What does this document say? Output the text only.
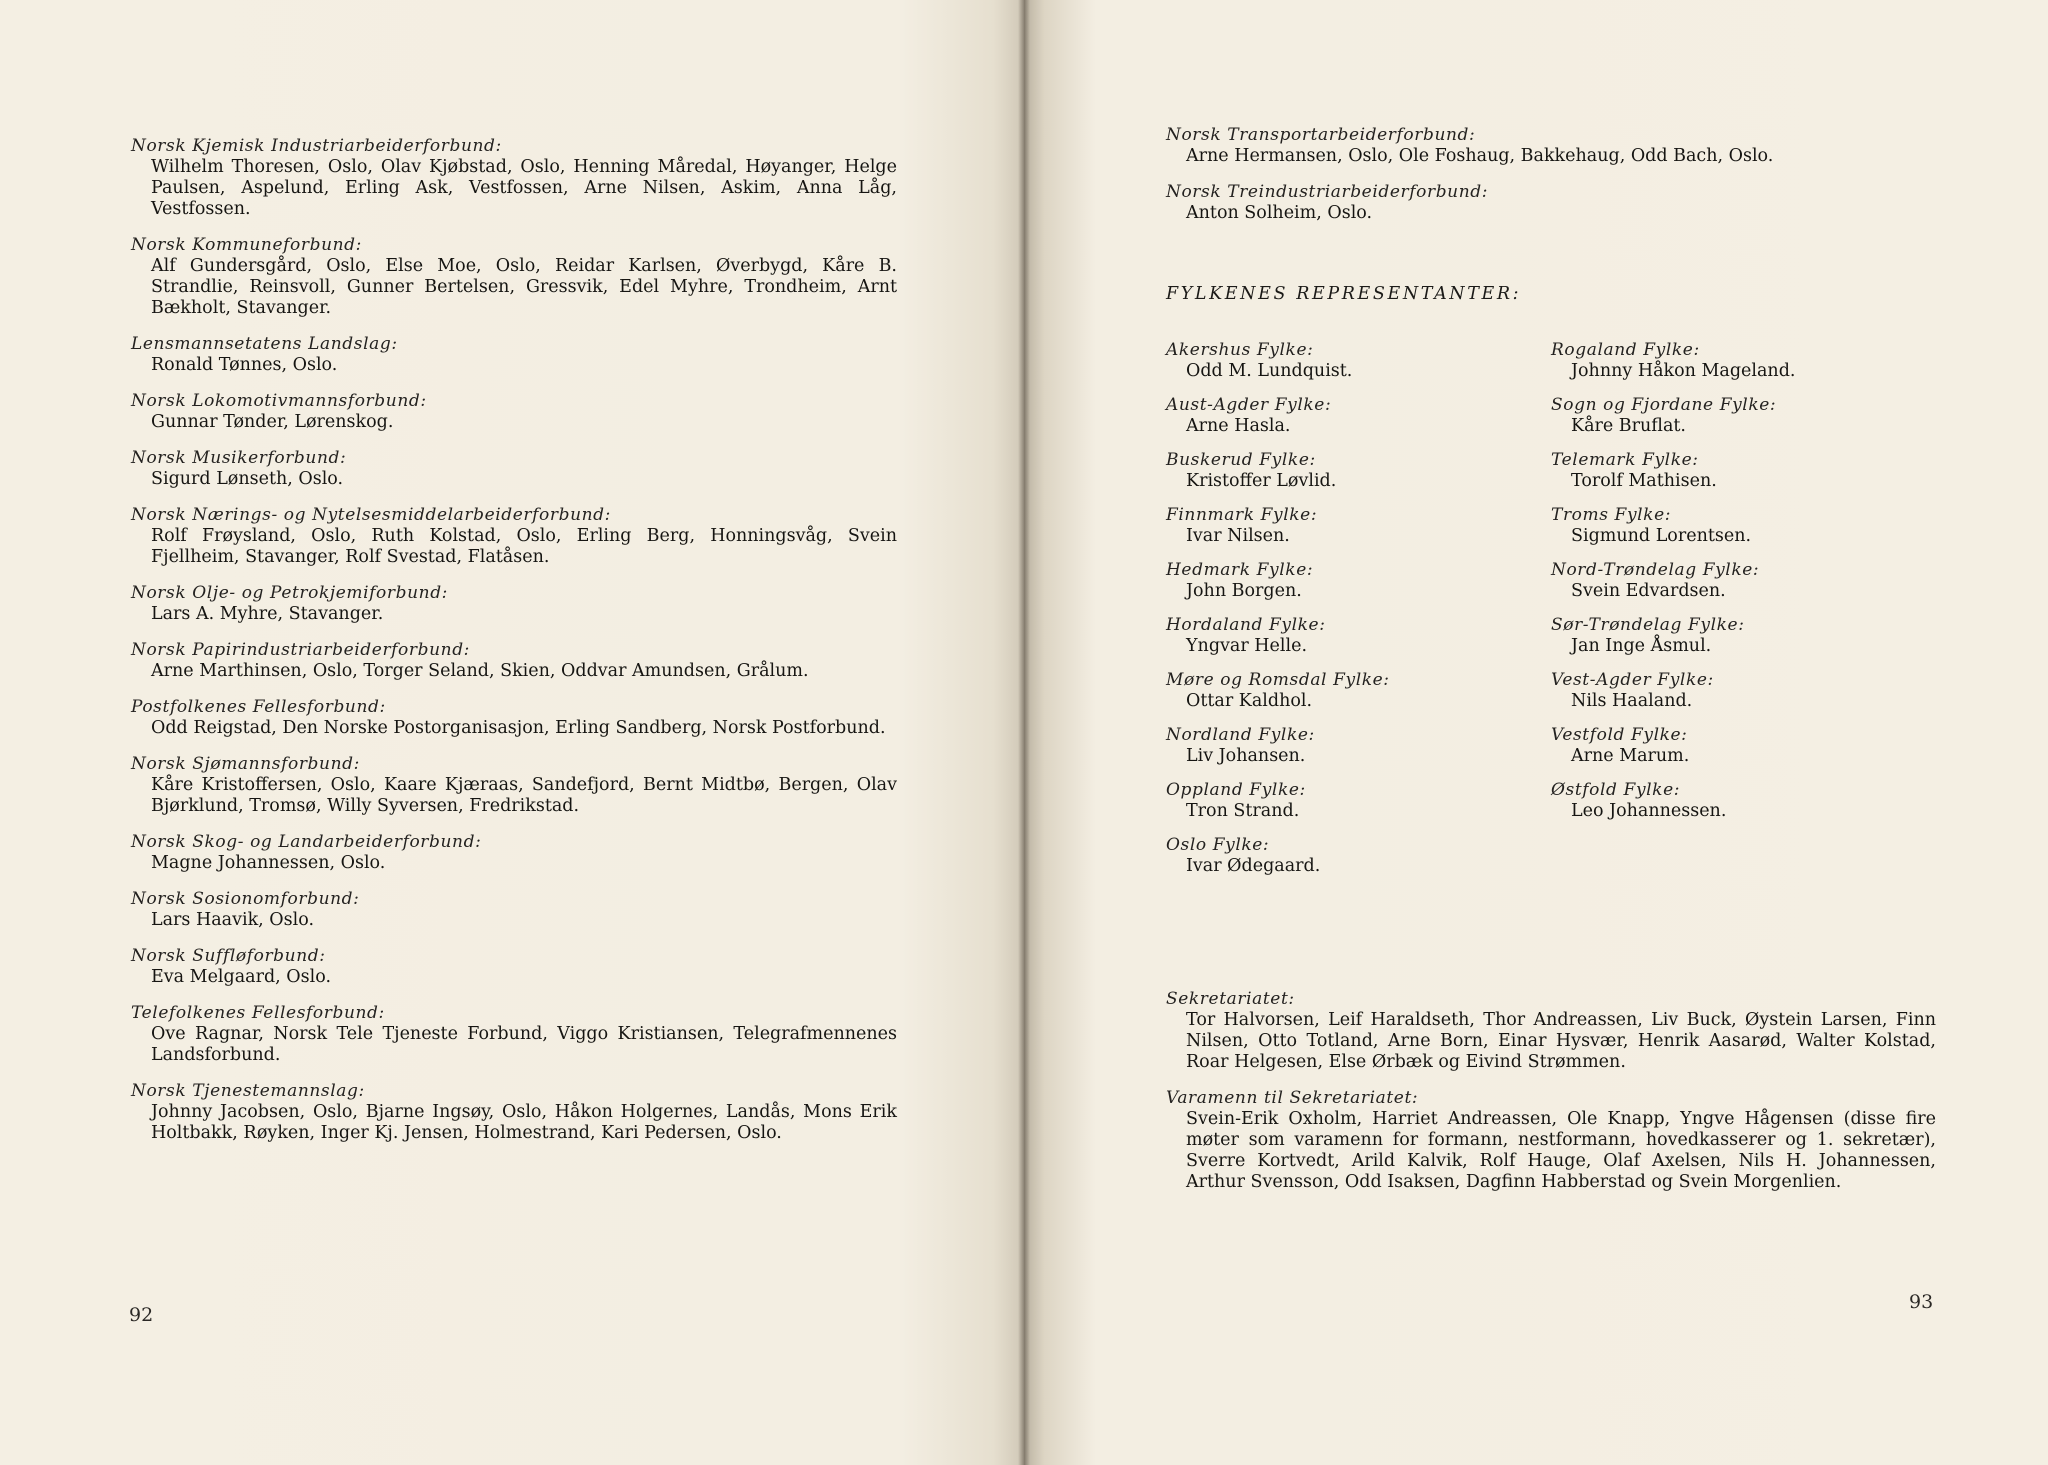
Norsk Kjemisk Industriarbeiderforbund:
Wilhelm Thoresen, Oslo, Olav Kjøbstad, Oslo, Henning Måredal, Høyanger, Helge Paulsen, Aspelund, Erling Ask, Vestfossen, Arne Nilsen, Askim, Anna Låg, Vestfossen.
Norsk Kommuneforbund:
Alf Gundersgård, Oslo, Else Moe, Oslo, Reidar Karlsen, Øverbygd, Kåre B. Strandlie, Reinsvoll, Gunner Bertelsen, Gressvik, Edel Myhre, Trondheim, Arnt Bækholt, Stavanger.
Lensmannsetatens Landslag:
Ronald Tønnes, Oslo.
Norsk Lokomotivmannsforbund:
Gunnar Tønder, Lørenskog.
Norsk Musikerforbund:
Sigurd Lønseth, Oslo.
Norsk Nærings- og Nytelsesmiddelarbeiderforbund:
Rolf Frøysland, Oslo, Ruth Kolstad, Oslo, Erling Berg, Honningsvåg, Svein Fjellheim, Stavanger, Rolf Svestad, Flatåsen.
Norsk Olje- og Petrokjemiforbund:
Lars A. Myhre, Stavanger.
Norsk Papirindustriarbeiderforbund:
Arne Marthinsen, Oslo, Torger Seland, Skien, Oddvar Amundsen, Grålum.
Postfolkenes Fellesforbund:
Odd Reigstad, Den Norske Postorganisasjon, Erling Sandberg, Norsk Postforbund.
Norsk Sjømannsforbund:
Kåre Kristoffersen, Oslo, Kaare Kjæraas, Sandefjord, Bernt Midtbø, Bergen, Olav Bjørklund, Tromsø, Willy Syversen, Fredrikstad.
Norsk Skog- og Landarbeiderforbund:
Magne Johannessen, Oslo.
Norsk Sosionomforbund:
Lars Haavik, Oslo.
Norsk Suffløforbund:
Eva Melgaard, Oslo.
Telefolkenes Fellesforbund:
Ove Ragnar, Norsk Tele Tjeneste Forbund, Viggo Kristiansen, Telegrafmennenes Landsforbund.
Norsk Tjenestemannslag:
Johnny Jacobsen, Oslo, Bjarne Ingsøy, Oslo, Håkon Holgernes, Landås, Mons Erik Holtbakk, Røyken, Inger Kj. Jensen, Holmestrand, Kari Pedersen, Oslo.
92
93
Norsk Transportarbeiderforbund:
Arne Hermansen, Oslo, Ole Foshaug, Bakkehaug, Odd Bach, Oslo.
Norsk Treindustriarbeiderforbund:
Anton Solheim, Oslo.
FYLKENES REPRESENTANTER:
Akershus Fylke:
Odd M. Lundquist.
Aust-Agder Fylke:
Arne Hasla.
Buskerud Fylke:
Kristoffer Løvlid.
Finnmark Fylke:
Ivar Nilsen.
Hedmark Fylke:
John Borgen.
Hordaland Fylke:
Yngvar Helle.
Møre og Romsdal Fylke:
Ottar Kaldhol.
Nordland Fylke:
Liv Johansen.
Oppland Fylke:
Tron Strand.
Oslo Fylke:
Ivar Ødegaard.
Rogaland Fylke:
Johnny Håkon Mageland.
Sogn og Fjordane Fylke:
Kåre Bruflat.
Telemark Fylke:
Torolf Mathisen.
Troms Fylke:
Sigmund Lorentsen.
Nord-Trøndelag Fylke:
Svein Edvardsen.
Sør-Trøndelag Fylke:
Jan Inge Åsmul.
Vest-Agder Fylke:
Nils Haaland.
Vestfold Fylke:
Arne Marum.
Østfold Fylke:
Leo Johannessen.
Sekretariatet:
Tor Halvorsen, Leif Haraldseth, Thor Andreassen, Liv Buck, Øystein Larsen, Finn Nilsen, Otto Totland, Arne Born, Einar Hysvær, Henrik Aasarød, Walter Kolstad, Roar Helgesen, Else Ørbæk og Eivind Strømmen.
Varamenn til Sekretariatet:
Svein-Erik Oxholm, Harriet Andreassen, Ole Knapp, Yngve Hågensen (disse fire møter som varamenn for formann, nestformann, hovedkasserer og 1. sekretær), Sverre Kortvedt, Arild Kalvik, Rolf Hauge, Olaf Axelsen, Nils H. Johannessen, Arthur Svensson, Odd Isaksen, Dagfinn Habberstad og Svein Morgenlien.
